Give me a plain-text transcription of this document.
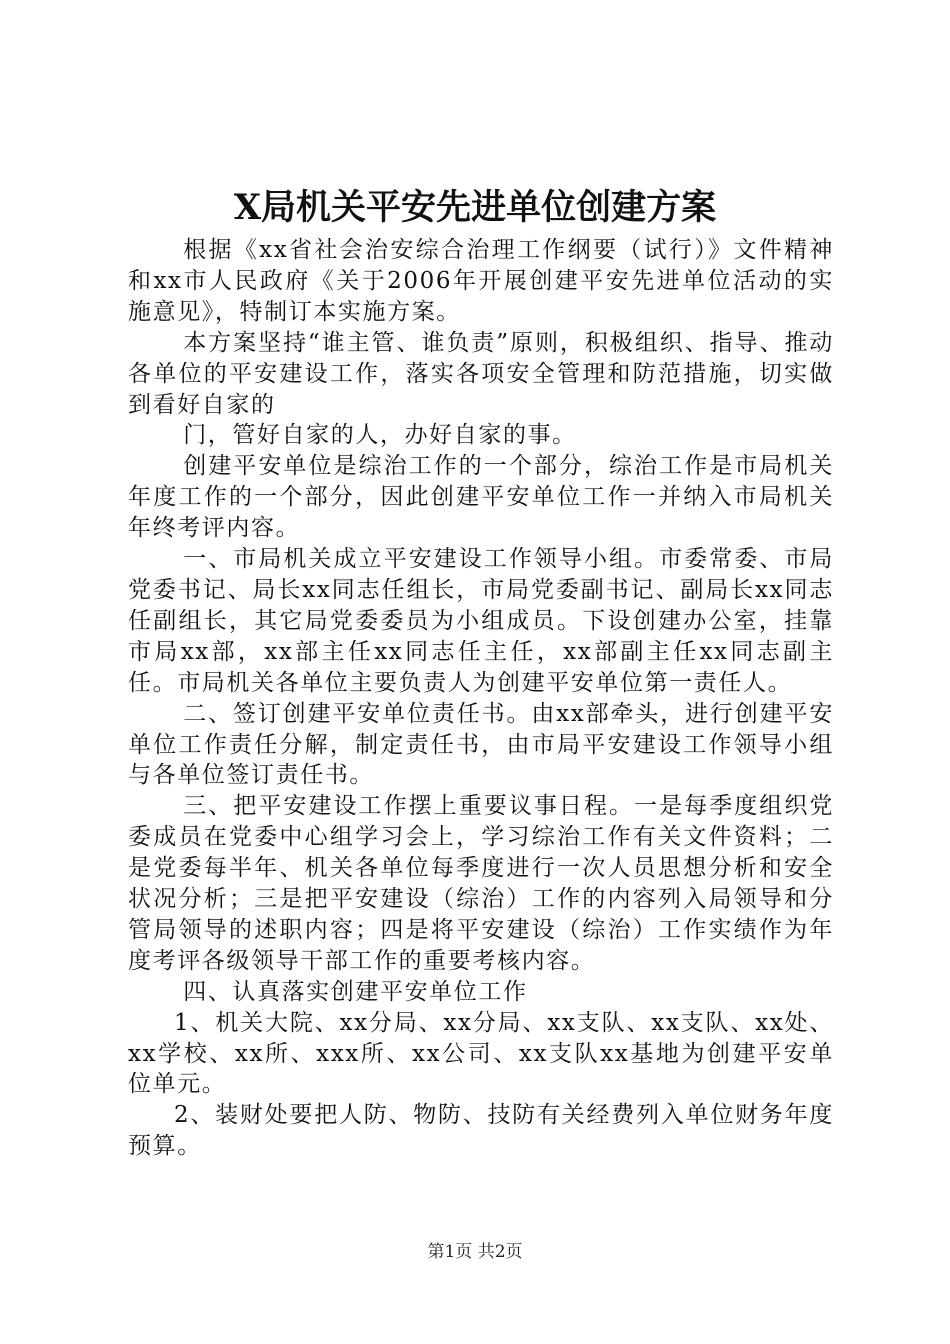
X局机关平安先进单位创建方案

根据《xx省社会治安综合治理工作纲要（试行）》文件精神和xx市人民政府《关于2006年开展创建平安先进单位活动的实施意见》，特制订本实施方案。

本方案坚持“谁主管、谁负责”原则，积极组织、指导、推动各单位的平安建设工作，落实各项安全管理和防范措施，切实做到看好自家的

门，管好自家的人，办好自家的事。

创建平安单位是综治工作的一个部分，综治工作是市局机关年度工作的一个部分，因此创建平安单位工作一并纳入市局机关年终考评内容。

一、市局机关成立平安建设工作领导小组。市委常委、市局党委书记、局长xx同志任组长，市局党委副书记、副局长xx同志任副组长，其它局党委委员为小组成员。下设创建办公室，挂靠市局xx部，xx部主任xx同志任主任，xx部副主任xx同志副主任。市局机关各单位主要负责人为创建平安单位第一责任人。

二、签订创建平安单位责任书。由xx部牵头，进行创建平安单位工作责任分解，制定责任书，由市局平安建设工作领导小组与各单位签订责任书。

三、把平安建设工作摆上重要议事日程。一是每季度组织党委成员在党委中心组学习会上，学习综治工作有关文件资料；二是党委每半年、机关各单位每季度进行一次人员思想分析和安全状况分析；三是把平安建设（综治）工作的内容列入局领导和分管局领导的述职内容；四是将平安建设（综治）工作实绩作为年度考评各级领导干部工作的重要考核内容。

四、认真落实创建平安单位工作

1、机关大院、xx分局、xx分局、xx支队、xx支队、xx处、xx学校、xx所、xxx所、xx公司、xx支队xx基地为创建平安单位单元。

2、装财处要把人防、物防、技防有关经费列入单位财务年度预算。

第1页 共2页
